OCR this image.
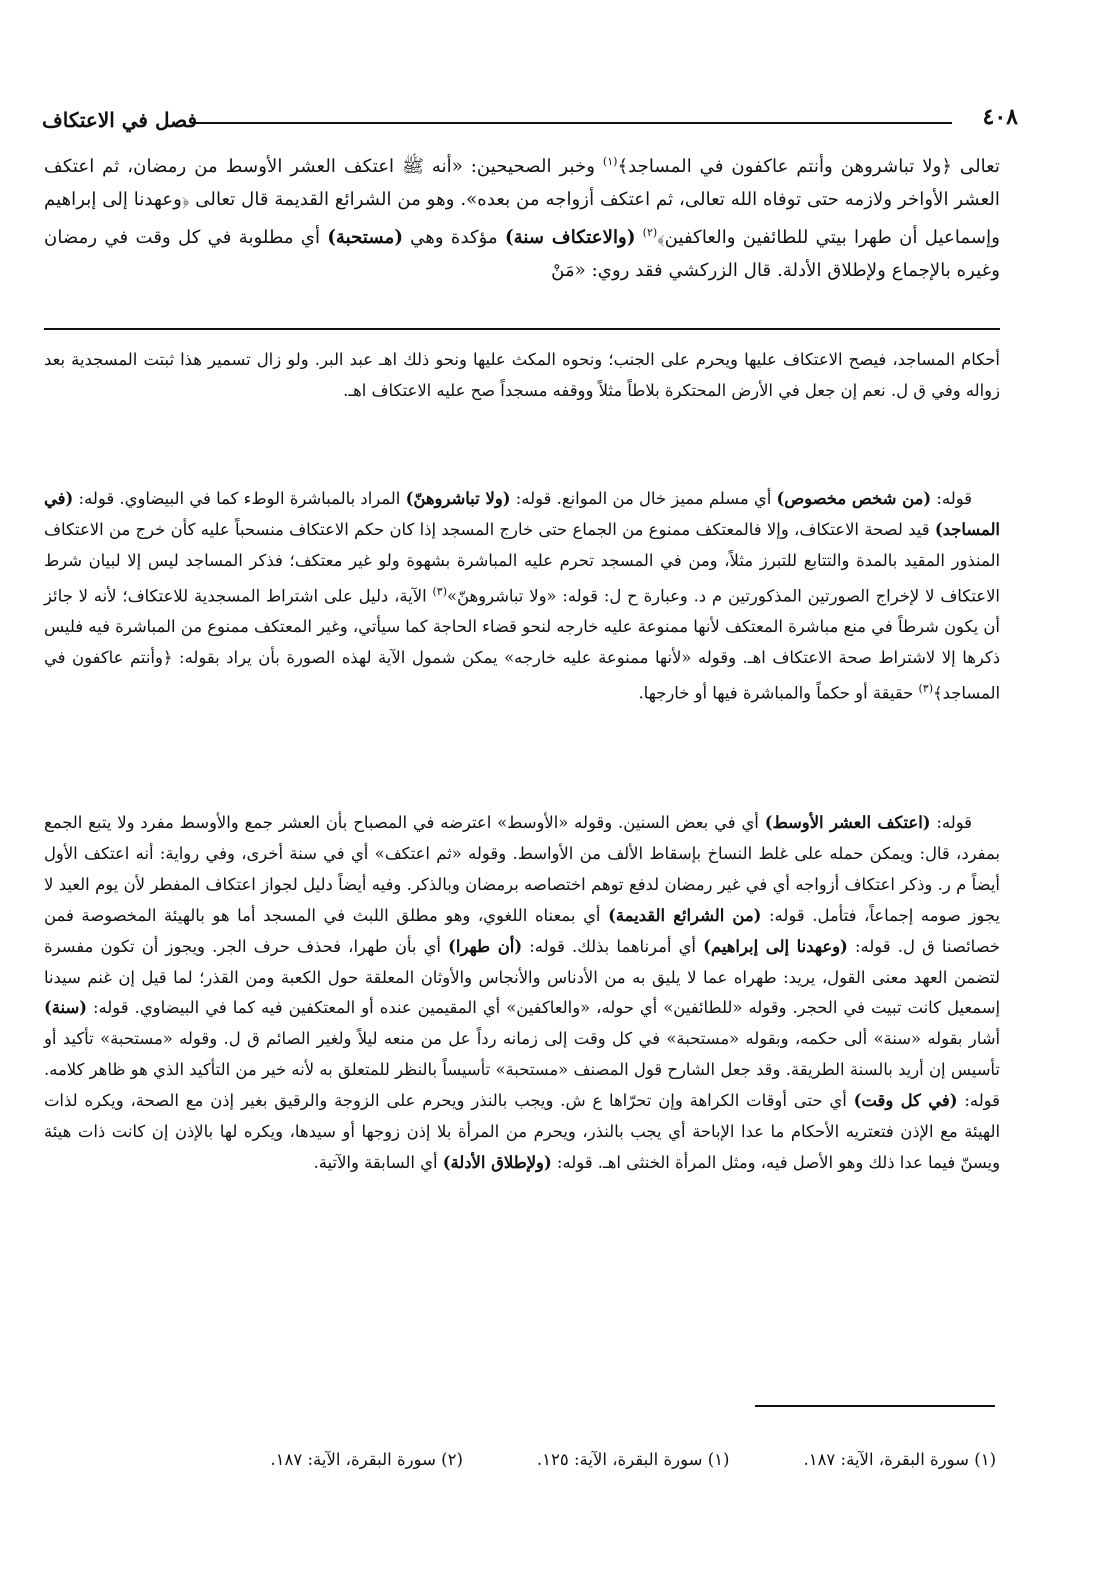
٤٠٨
فصل في الاعتكاف

تعالى ﴿ولا تباشروهن وأنتم عاكفون في المساجد﴾$^{(١)}$ وخبر الصحيحين: «أنه ﷺ اعتكف العشر الأوسط من رمضان، ثم اعتكف العشر الأواخر ولازمه حتى توفاه الله تعالى، ثم اعتكف أزواجه من بعده». وهو من الشرائع القديمة قال تعالى ﴿وعهدنا إلى إبراهيم وإسماعيل أن طهرا بيتي للطائفين والعاكفين﴾$^{(٢)}$ (والاعتكاف سنة) مؤكدة وهي (مستحبة) أي مطلوبة في كل وقت في رمضان وغيره بالإجماع ولإطلاق الأدلة. قال الزركشي فقد روي: «مَنْ

أحكام المساجد، فيصح الاعتكاف عليها ويحرم على الجنب؛ ونحوه المكث عليها ونحو ذلك اهـ عبد البر. ولو زال تسمير هذا ثبتت المسجدية بعد زواله وفي ق ل. نعم إن جعل في الأرض المحتكرة بلاطاً مثلاً ووقفه مسجداً صح عليه الاعتكاف اهـ.

قوله: (من شخص مخصوص) أي مسلم مميز خال من الموانع. قوله: (ولا تباشروهنّ) المراد بالمباشرة الوطء كما في البيضاوي. قوله: (في المساجد) قيد لصحة الاعتكاف، وإلا فالمعتكف ممنوع من الجماع حتى خارج المسجد إذا كان حكم الاعتكاف منسحباً عليه كأن خرج من الاعتكاف المنذور المقيد بالمدة والتتابع للتبرز مثلاً، ومن في المسجد تحرم عليه المباشرة بشهوة ولو غير معتكف؛ فذكر المساجد ليس إلا لبيان شرط الاعتكاف لا لإخراج الصورتين المذكورتين م د. وعبارة ح ل: قوله: «ولا تباشروهنّ»$^{(٣)}$ الآية، دليل على اشتراط المسجدية للاعتكاف؛ لأنه لا جائز أن يكون شرطاً في منع مباشرة المعتكف لأنها ممنوعة عليه خارجه لنحو قضاء الحاجة كما سيأتي، وغير المعتكف ممنوع من المباشرة فيه فليس ذكرها إلا لاشتراط صحة الاعتكاف اهـ. وقوله «لأنها ممنوعة عليه خارجه» يمكن شمول الآية لهذه الصورة بأن يراد بقوله: ﴿وأنتم عاكفون في المساجد﴾$^{(٣)}$ حقيقة أو حكماً والمباشرة فيها أو خارجها.

قوله: (اعتكف العشر الأوسط) أي في بعض السنين. وقوله «الأوسط» اعترضه في المصباح بأن العشر جمع والأوسط مفرد ولا يتبع الجمع بمفرد، قال: ويمكن حمله على غلط النساخ بإسقاط الألف من الأواسط. وقوله «ثم اعتكف» أي في سنة أخرى، وفي رواية: أنه اعتكف الأول أيضاً م ر. وذكر اعتكاف أزواجه أي في غير رمضان لدفع توهم اختصاصه برمضان وبالذكر. وفيه أيضاً دليل لجواز اعتكاف المفطر لأن يوم العيد لا يجوز صومه إجماعاً، فتأمل. قوله: (من الشرائع القديمة) أي بمعناه اللغوي، وهو مطلق اللبث في المسجد أما هو بالهيئة المخصوصة فمن خصائصنا ق ل. قوله: (وعهدنا إلى إبراهيم) أي أمرناهما بذلك. قوله: (أن طهرا) أي بأن طهرا، فحذف حرف الجر. ويجوز أن تكون مفسرة لتضمن العهد معنى القول، يريد: طهراه عما لا يليق به من الأدناس والأنجاس والأوثان المعلقة حول الكعبة ومن القذر؛ لما قيل إن غنم سيدنا إسمعيل كانت تبيت في الحجر. وقوله «للطائفين» أي حوله، «والعاكفين» أي المقيمين عنده أو المعتكفين فيه كما في البيضاوي. قوله: (سنة) أشار بقوله «سنة» ألى حكمه، وبقوله «مستحبة» في كل وقت إلى زمانه رداً عل من منعه ليلاً ولغير الصائم ق ل. وقوله «مستحبة» تأكيد أو تأسيس إن أريد بالسنة الطريقة. وقد جعل الشارح قول المصنف «مستحبة» تأسيساً بالنظر للمتعلق به لأنه خير من التأكيد الذي هو ظاهر كلامه. قوله: (في كل وقت) أي حتى أوقات الكراهة وإن تحرّاها ع ش. ويجب بالنذر ويحرم على الزوجة والرقيق بغير إذن مع الصحة، ويكره لذات الهيئة مع الإذن فتعتريه الأحكام ما عدا الإباحة أي يجب بالنذر، ويحرم من المرأة بلا إذن زوجها أو سيدها، ويكره لها بالإذن إن كانت ذات هيئة ويسنّ فيما عدا ذلك وهو الأصل فيه، ومثل المرأة الخنثى اهـ. قوله: (ولإطلاق الأدلة) أي السابقة والآتية.

(١) سورة البقرة، الآية: ١٨٧.(١) سورة البقرة، الآية: ١٢٥.(٢) سورة البقرة، الآية: ١٨٧.
